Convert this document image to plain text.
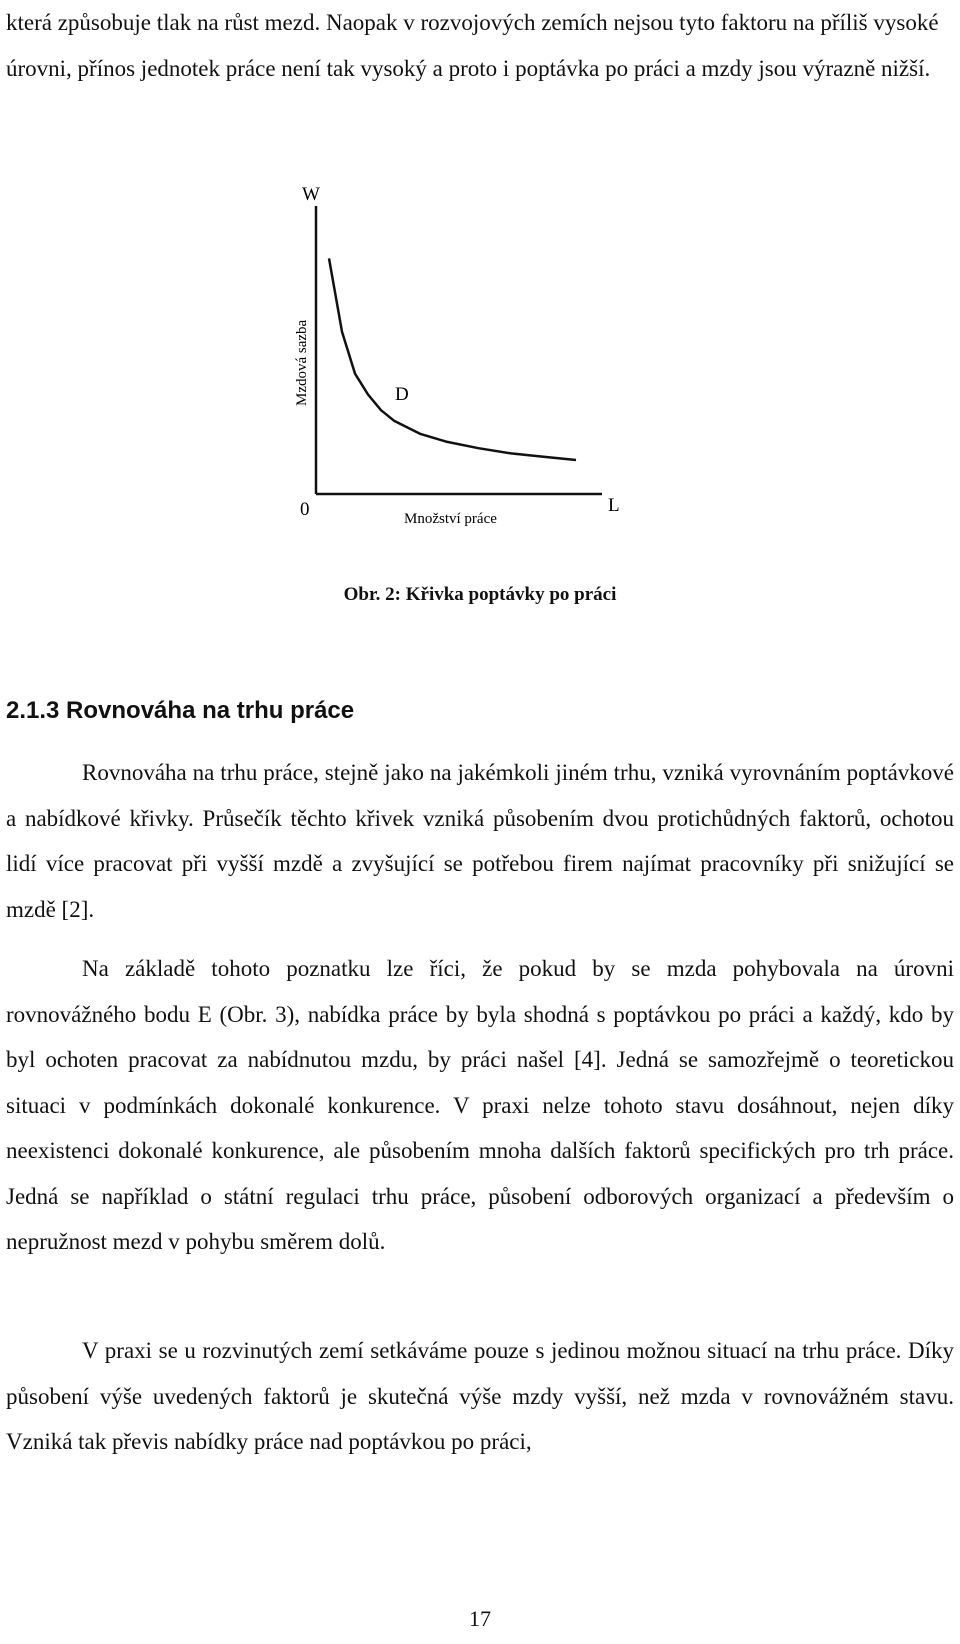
která způsobuje tlak na růst mezd. Naopak v rozvojových zemích nejsou tyto faktoru na příliš vysoké úrovni, přínos jednotek práce není tak vysoký a proto i poptávka po práci a mzdy jsou výrazně nižší.

W
L
0	Množství práce
Mzdová sazba	D
Obr. 2: Křivka poptávky po práci
2.1.3 Rovnováha na trhu práce

Rovnováha na trhu práce, stejně jako na jakémkoli jiném trhu, vzniká vyrovnáním poptávkové a nabídkové křivky. Průsečík těchto křivek vzniká působením dvou protichůdných faktorů, ochotou lidí více pracovat při vyšší mzdě a zvyšující se potřebou firem najímat pracovníky při snižující se mzdě [2].

Na základě tohoto poznatku lze říci, že pokud by se mzda pohybovala na úrovni rovnovážného bodu E (Obr. 3), nabídka práce by byla shodná s poptávkou po práci a každý, kdo by byl ochoten pracovat za nabídnutou mzdu, by práci našel [4]. Jedná se samozřejmě o teoretickou situaci v podmínkách dokonalé konkurence. V praxi nelze tohoto stavu dosáhnout, nejen díky neexistenci dokonalé konkurence, ale působením mnoha dalších faktorů specifických pro trh práce. Jedná se například o státní regulaci trhu práce, působení odborových organizací a především o nepružnost mezd v pohybu směrem dolů.

V praxi se u rozvinutých zemí setkáváme pouze s jedinou možnou situací na trhu práce. Díky působení výše uvedených faktorů je skutečná výše mzdy vyšší, než mzda v rovnovážném stavu. Vzniká tak převis nabídky práce nad poptávkou po práci,

17
